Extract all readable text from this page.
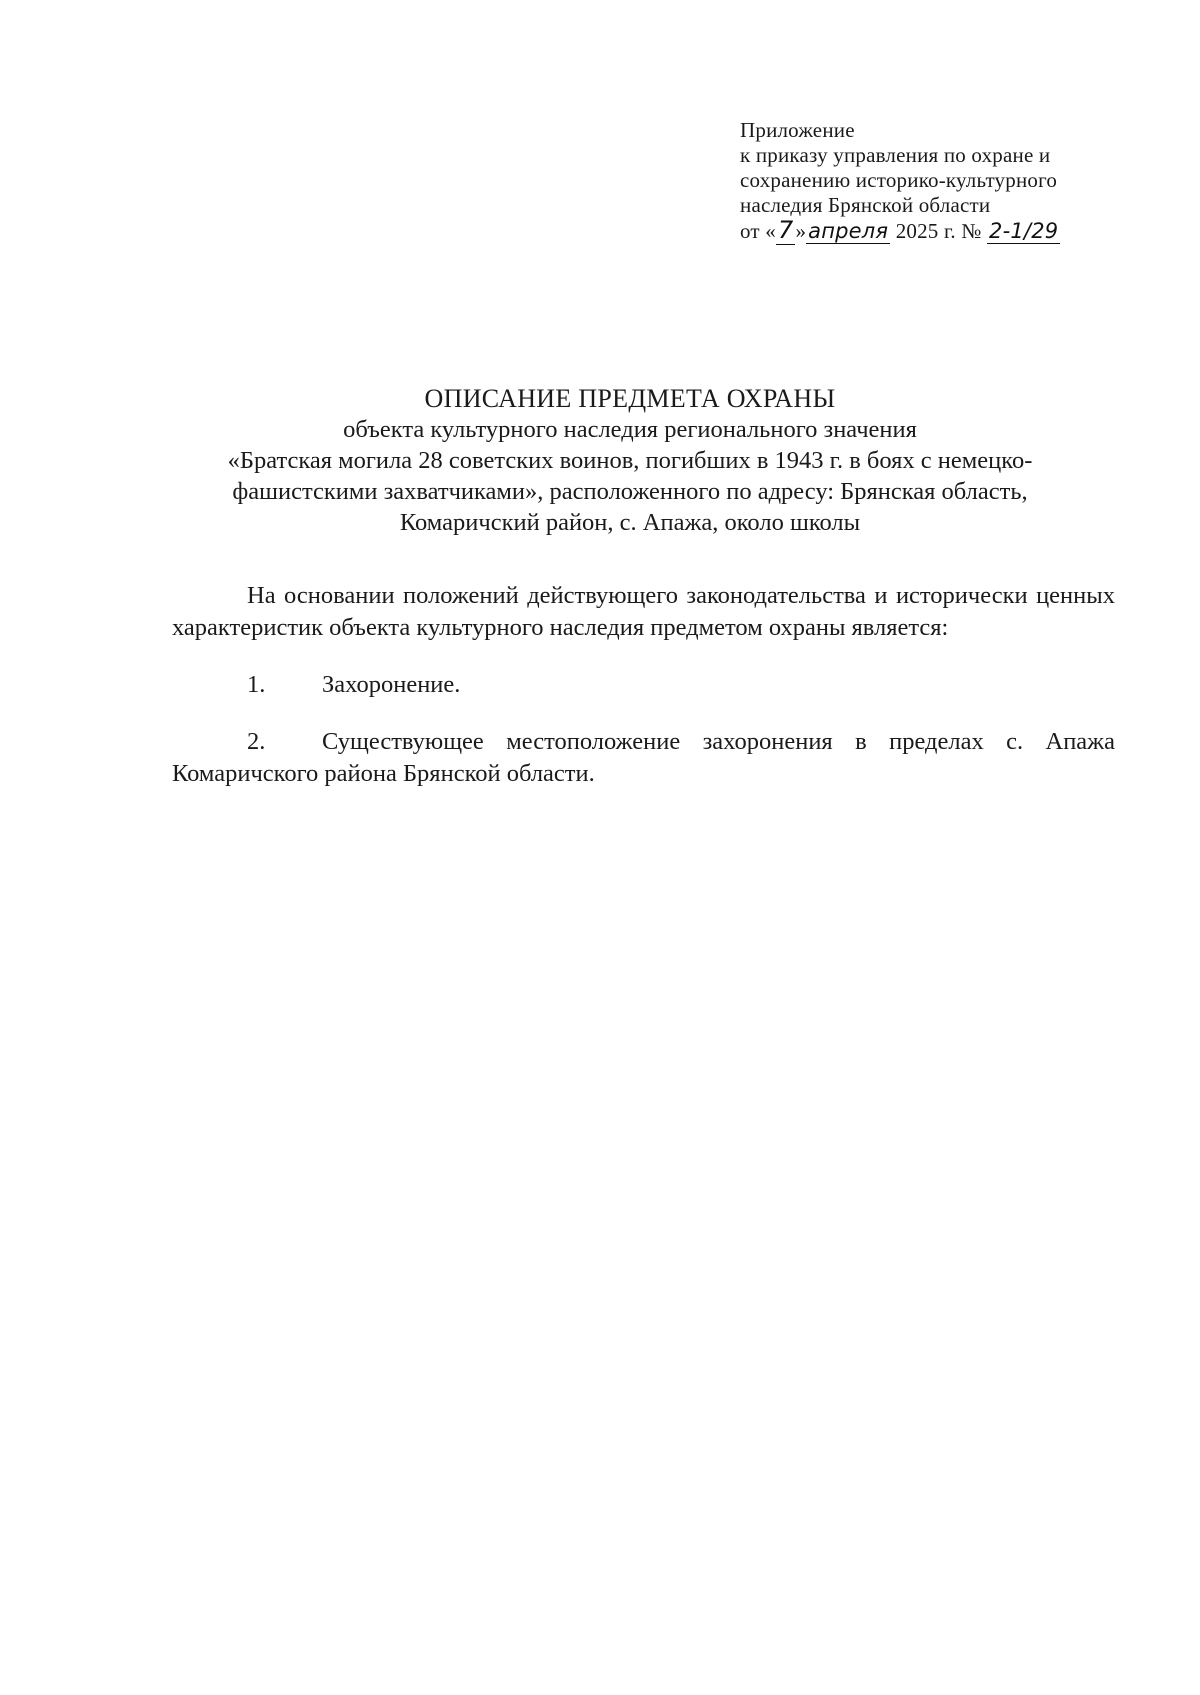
Приложение
к приказу управления по охране и
сохранению историко-культурного
наследия Брянской области
от «7»апреля 2025 г. № 2-1/29
ОПИСАНИЕ ПРЕДМЕТА ОХРАНЫ
объекта культурного наследия регионального значения
«Братская могила 28 советских воинов, погибших в 1943 г. в боях с немецко-
фашистскими захватчиками», расположенного по адресу: Брянская область,
Комаричский район, с. Апажа, около школы

На основании положений действующего законодательства и исторически ценных характеристик объекта культурного наследия предметом охраны является:

1. Захоронение.

2. Существующее местоположение захоронения в пределах с. Апажа Комаричского района Брянской области.
